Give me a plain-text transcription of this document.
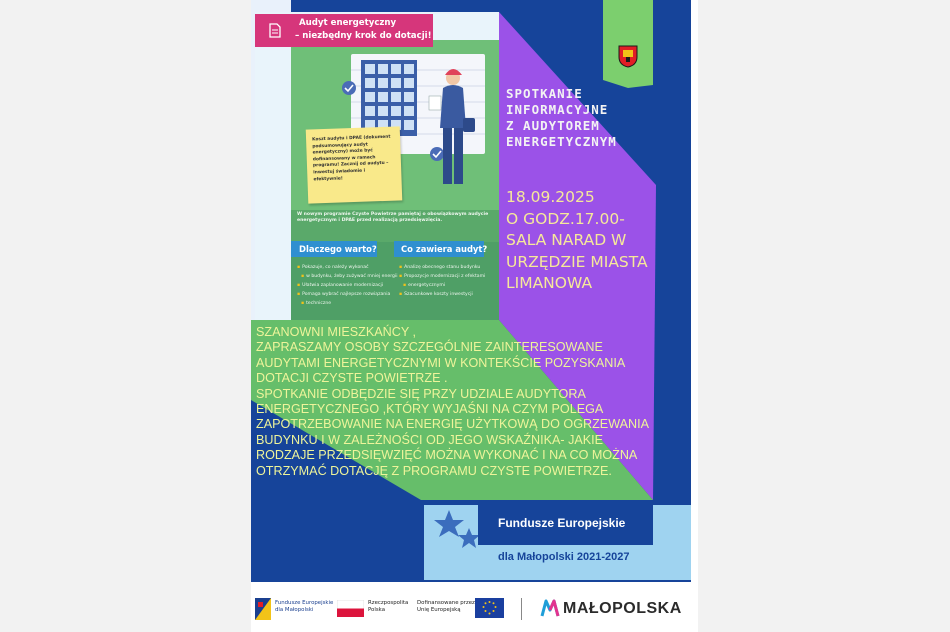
Audyt energetyczny
– niezbędny krok do dotacji!
Koszt audytu i DPAE (dokument podsumowujący audyt energetyczny) może być dofinansowany w ramach programu! Zacznij od audytu – inwestuj świadomie i efektywnie!
W nowym programie Czyste Powietrze pamiętaj o obowiązkowym audycie energetycznym i DPAE przed realizacją przedsięwzięcia.
Dlaczego warto?	Co zawiera audyt?
▪ Pokazuje, co należy wykonać
▪ w budynku, żeby zużywać mniej energii
▪ Ułatwia zaplanowanie modernizacji
▪ Pomaga wybrać najlepsze rozwiązania
▪ techniczne
▪ Analizę obecnego stanu budynku
▪ Propozycje modernizacji z efektami
▪ energetycznymi
▪ Szacunkowe koszty inwestycji
SPOTKANIE
INFORMACYJNE
Z AUDYTOREM
ENERGETYCZNYM
18.09.2025
O GODZ.17.00-
SALA NARAD W
URZĘDZIE MIASTA
LIMANOWA
SZANOWNI MIESZKAŃCY ,
ZAPRASZAMY OSOBY SZCZEGÓLNIE ZAINTERESOWANE
AUDYTAMI ENERGETYCZNYMI W KONTEKŚCIE POZYSKANIA
DOTACJI CZYSTE POWIETRZE .
SPOTKANIE ODBĘDZIE SIĘ PRZY UDZIALE AUDYTORA
ENERGETYCZNEGO ,KTÓRY WYJAŚNI NA CZYM POLEGA
ZAPOTRZEBOWANIE NA ENERGIĘ UŻYTKOWĄ DO OGRZEWANIA
BUDYNKU I W ZALEŻNOŚCI OD JEGO WSKAŹNIKA- JAKIE
RODZAJE PRZEDSIĘWZIĘĆ MOŻNA WYKONAĆ I NA CO MOŻNA
OTRZYMAĆ DOTACJĘ Z PROGRAMU CZYSTE POWIETRZE.
Fundusze Europejskie
dla Małopolski 2021-2027
Fundusze Europejskie
dla Małopolski
Rzeczpospolita
Polska
Dofinansowane przez
Unię Europejską	MAŁOPOLSKA
